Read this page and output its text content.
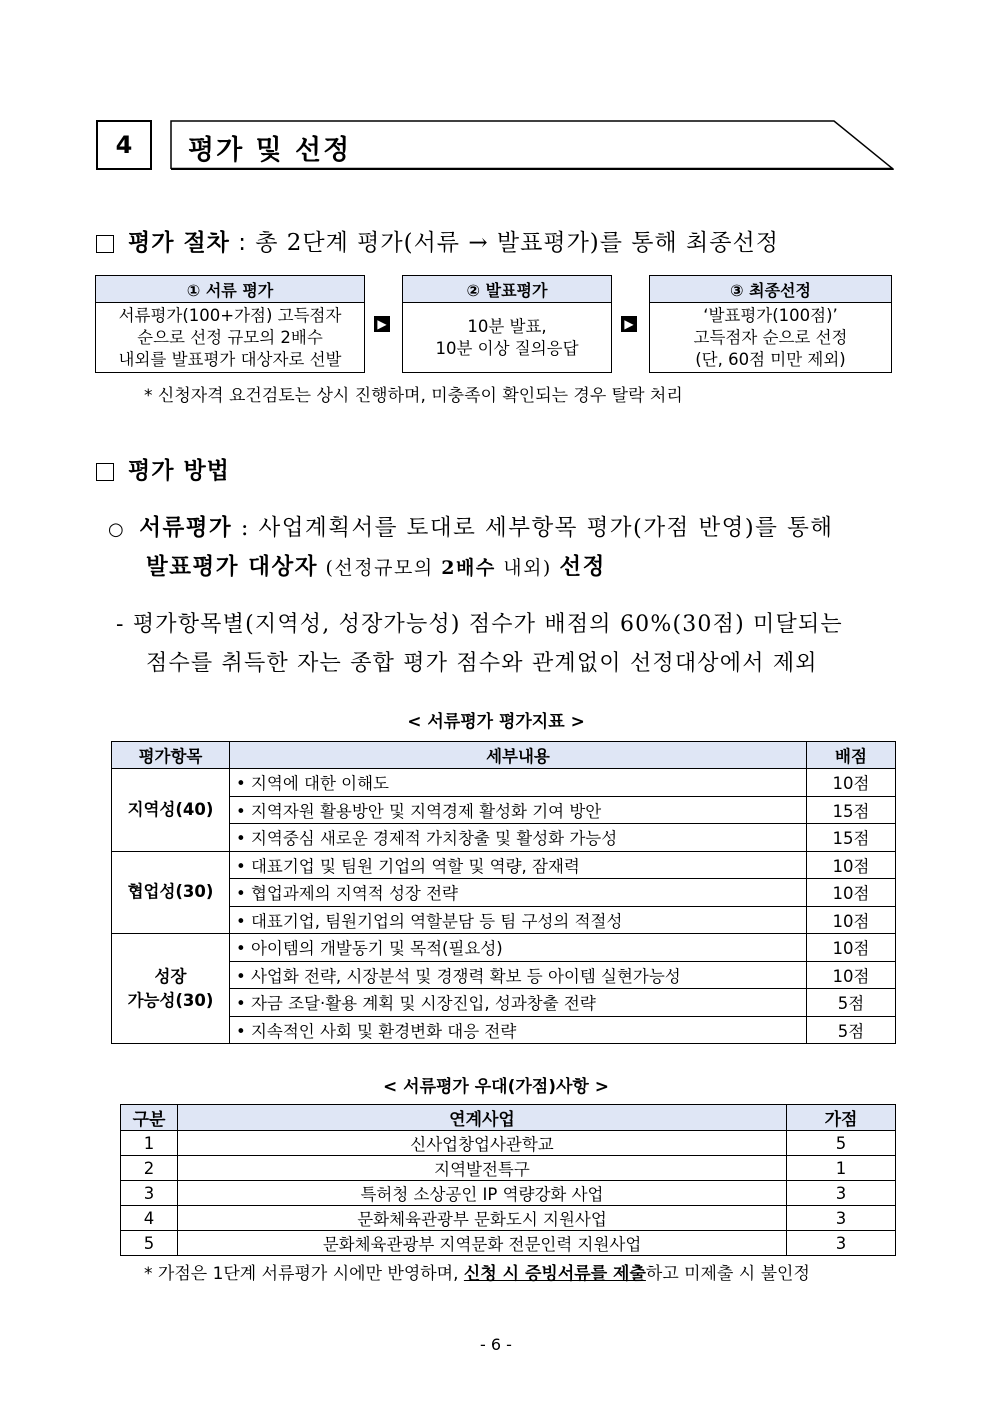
4	평가 및 선정
평가 절차 : 총 2단계 평가(서류 → 발표평가)를 통해 최종선정
① 서류 평가
서류평가(100+가점) 고득점자
순으로 선정 규모의 2배수
내외를 발표평가 대상자로 선발
▶
② 발표평가
10분 발표,
10분 이상 질의응답
▶
③ 최종선정
‘발표평가(100점)’
고득점자 순으로 선정
(단, 60점 미만 제외)
* 신청자격 요건검토는 상시 진행하며, 미충족이 확인되는 경우 탈락 처리
평가 방법
○ 서류평가 : 사업계획서를 토대로 세부항목 평가(가점 반영)를 통해
발표평가 대상자 (선정규모의 2배수 내외) 선정
- 평가항목별(지역성, 성장가능성) 점수가 배점의 60%(30점) 미달되는
점수를 취득한 자는 종합 평가 점수와 관계없이 선정대상에서 제외
< 서류평가 평가지표 >
평가항목	세부내용	배점
지역성(40)	• 지역에 대한 이해도	10점
	• 지역자원 활용방안 및 지역경제 활성화 기여 방안	15점
	• 지역중심 새로운 경제적 가치창출 및 활성화 가능성	15점
협업성(30)	• 대표기업 및 팀원 기업의 역할 및 역량, 잠재력	10점
	• 협업과제의 지역적 성장 전략	10점
	• 대표기업, 팀원기업의 역할분담 등 팀 구성의 적절성	10점
성장
가능성(30)	• 아이템의 개발동기 및 목적(필요성)	10점
	• 사업화 전략, 시장분석 및 경쟁력 확보 등 아이템 실현가능성	10점
	• 자금 조달·활용 계획 및 시장진입, 성과창출 전략	5점
	• 지속적인 사회 및 환경변화 대응 전략	5점
< 서류평가 우대(가점)사항 >
구분	연계사업	가점
1	신사업창업사관학교	5
2	지역발전특구	1
3	특허청 소상공인 IP 역량강화 사업	3
4	문화체육관광부 문화도시 지원사업	3
5	문화체육관광부 지역문화 전문인력 지원사업	3
* 가점은 1단계 서류평가 시에만 반영하며, 신청 시 증빙서류를 제출하고 미제출 시 불인정
- 6 -
